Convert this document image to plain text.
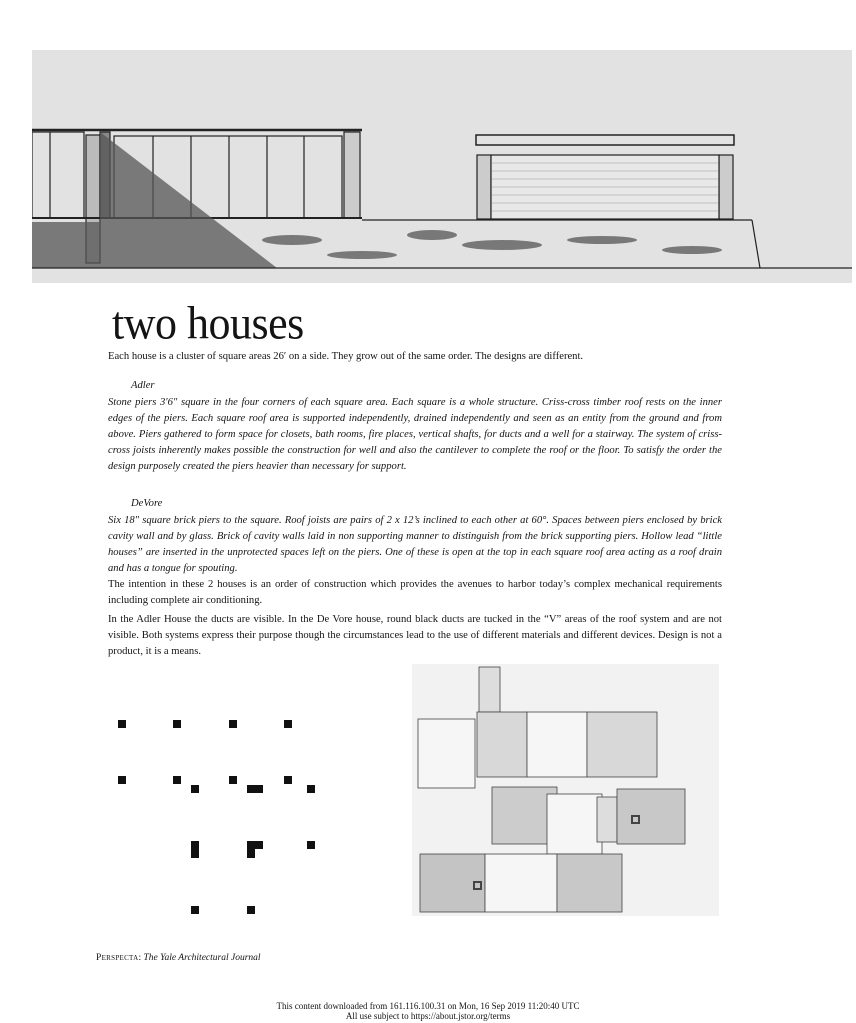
two houses
Each house is a cluster of square areas 26′ on a side. They grow out of the same order. The designs are different.
Adler
Stone piers 3′6″ square in the four corners of each square area. Each square is a whole structure. Criss-cross timber roof rests on the inner edges of the piers. Each square roof area is supported independently, drained independently and seen as an entity from the ground and from above. Piers gathered to form space for closets, bath rooms, fire places, vertical shafts, for ducts and a well for a stairway. The system of criss-cross joists inherently makes possible the construction for well and also the cantilever to complete the roof or the floor. To satisfy the order the design purposely created the piers heavier than necessary for support.
DeVore
Six 18″ square brick piers to the square. Roof joists are pairs of 2 x 12’s inclined to each other at 60°. Spaces between piers enclosed by brick cavity wall and by glass. Brick of cavity walls laid in non supporting manner to distinguish from the brick supporting piers. Hollow lead “little houses” are inserted in the unprotected spaces left on the piers. One of these is open at the top in each square roof area acting as a roof drain and has a tongue for spouting.
The intention in these 2 houses is an order of construction which provides the avenues to harbor today’s complex mechanical requirements including complete air conditioning.
In the Adler House the ducts are visible. In the De Vore house, round black ducts are tucked in the “V” areas of the roof system and are not visible. Both systems express their purpose though the circumstances lead to the use of different materials and different devices. Design is not a product, it is a means.
Perspecta: The Yale Architectural Journal
This content downloaded from 161.116.100.31 on Mon, 16 Sep 2019 11:20:40 UTC
All use subject to https://about.jstor.org/terms
